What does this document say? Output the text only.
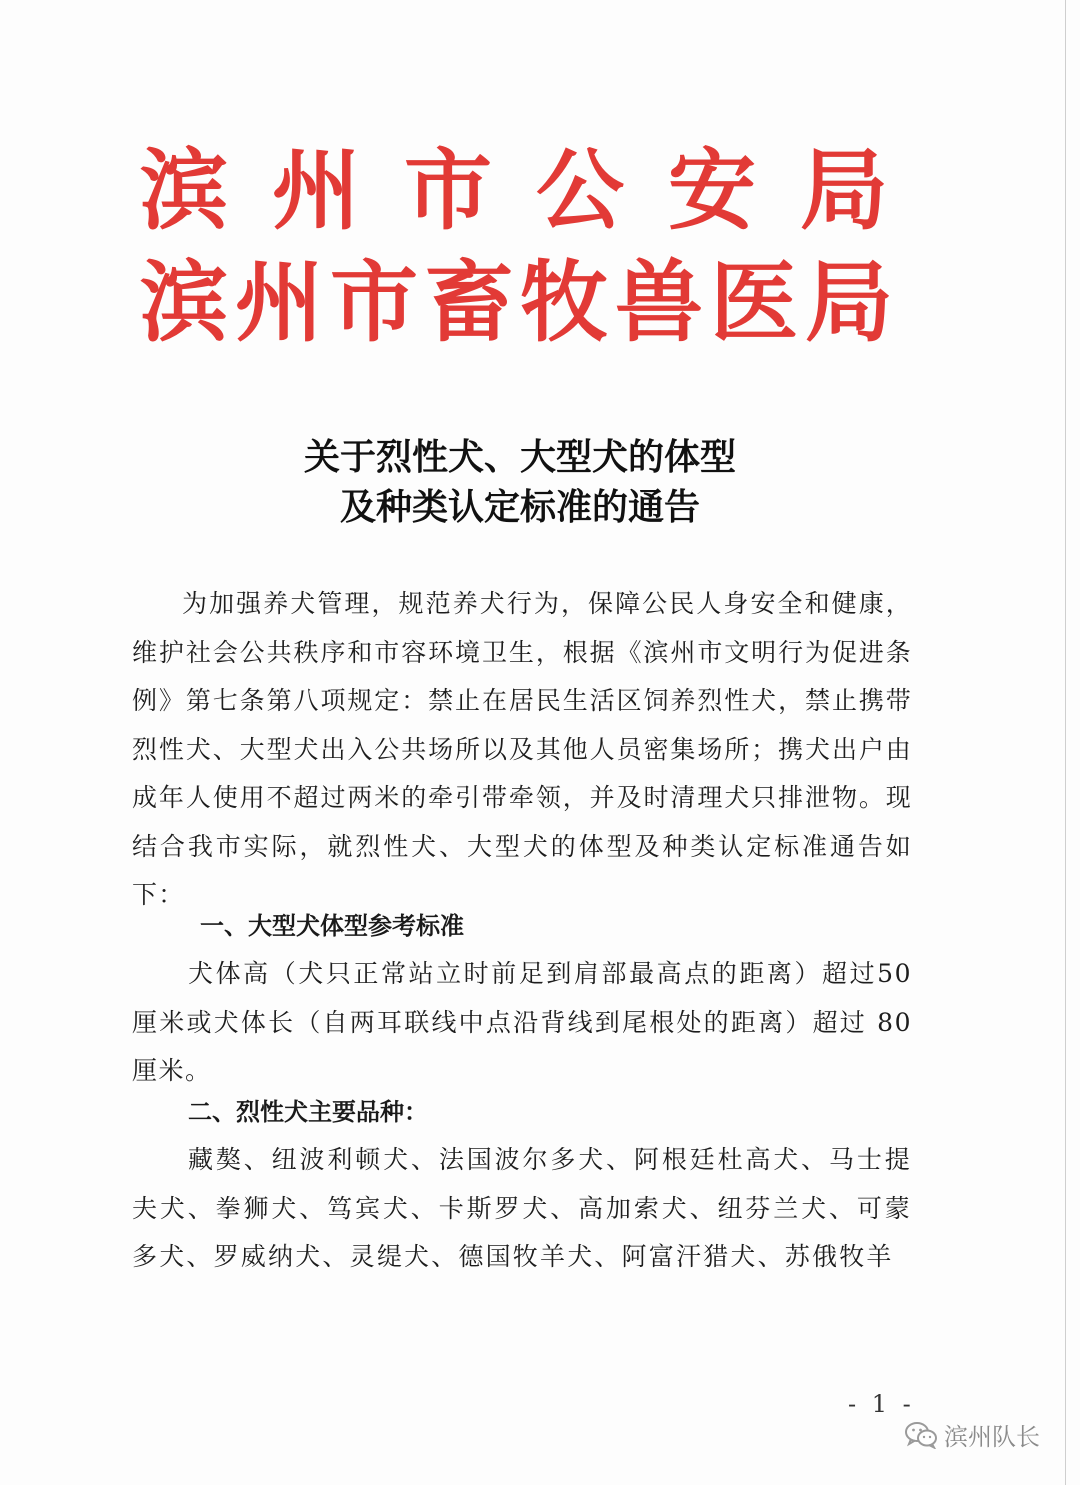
滨州市公安局
滨州市畜牧兽医局
关于烈性犬、大型犬的体型
及种类认定标准的通告
为加强养犬管理，规范养犬行为，保障公民人身安全和健康，维护社会公共秩序和市容环境卫生，根据《滨州市文明行为促进条例》第七条第八项规定：禁止在居民生活区饲养烈性犬，禁止携带烈性犬、大型犬出入公共场所以及其他人员密集场所；携犬出户由成年人使用不超过两米的牵引带牵领，并及时清理犬只排泄物。现结合我市实际，就烈性犬、大型犬的体型及种类认定标准通告如下：
一、大型犬体型参考标准
犬体高（犬只正常站立时前足到肩部最高点的距离）超过50 厘米或犬体长（自两耳联线中点沿背线到尾根处的距离）超过 80 厘米。
二、烈性犬主要品种：
藏獒、纽波利顿犬、法国波尔多犬、阿根廷杜高犬、马士提夫犬、拳狮犬、笃宾犬、卡斯罗犬、高加索犬、纽芬兰犬、可蒙多犬、罗威纳犬、灵缇犬、德国牧羊犬、阿富汗猎犬、苏俄牧羊
- 1 -
滨州队长
